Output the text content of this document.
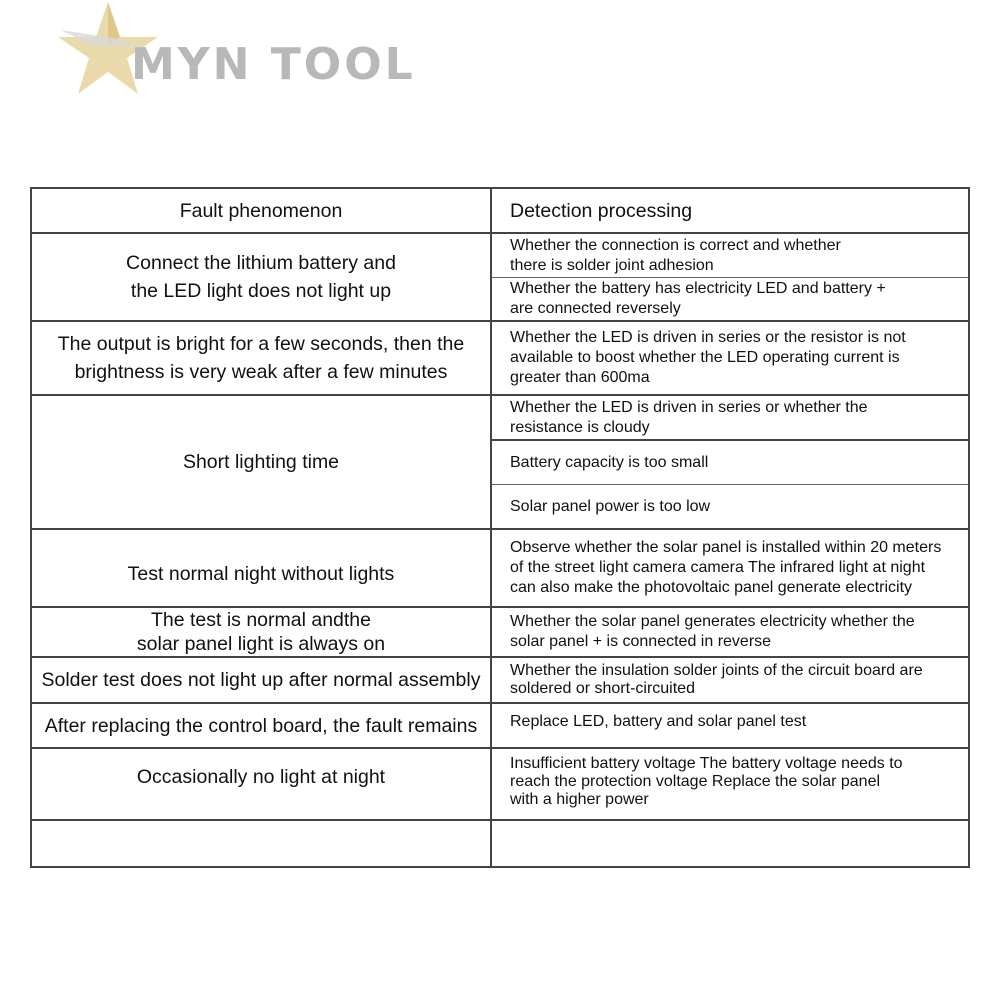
MYN TOOL
Fault phenomenon	Detection processing
Connect the lithium battery and
the LED light does not light up
Whether the connection is correct and whether
there is solder joint adhesion
Whether the battery has electricity LED and battery +
are connected reversely
The output is bright for a few seconds, then the
brightness is very weak after a few minutes
Whether the LED is driven in series or the resistor is not
available to boost whether the LED operating current is
greater than 600ma
Short lighting time
Whether the LED is driven in series or whether the
resistance is cloudy
Battery capacity is too small
Solar panel power is too low
Test normal night without lights
Observe whether the solar panel is installed within 20 meters
of the street light camera camera The infrared light at night
can also make the photovoltaic panel generate electricity
The test is normal andthe
solar panel light is always on
Whether the solar panel generates electricity whether the
solar panel + is connected in reverse
Solder test does not light up after normal assembly Whether the insulation solder joints of the circuit board are
soldered or short-circuited
After replacing the control board, the fault remains Replace LED, battery and solar panel test
Occasionally no light at night
Insufficient battery voltage The battery voltage needs to
reach the protection voltage Replace the solar panel
with a higher power
